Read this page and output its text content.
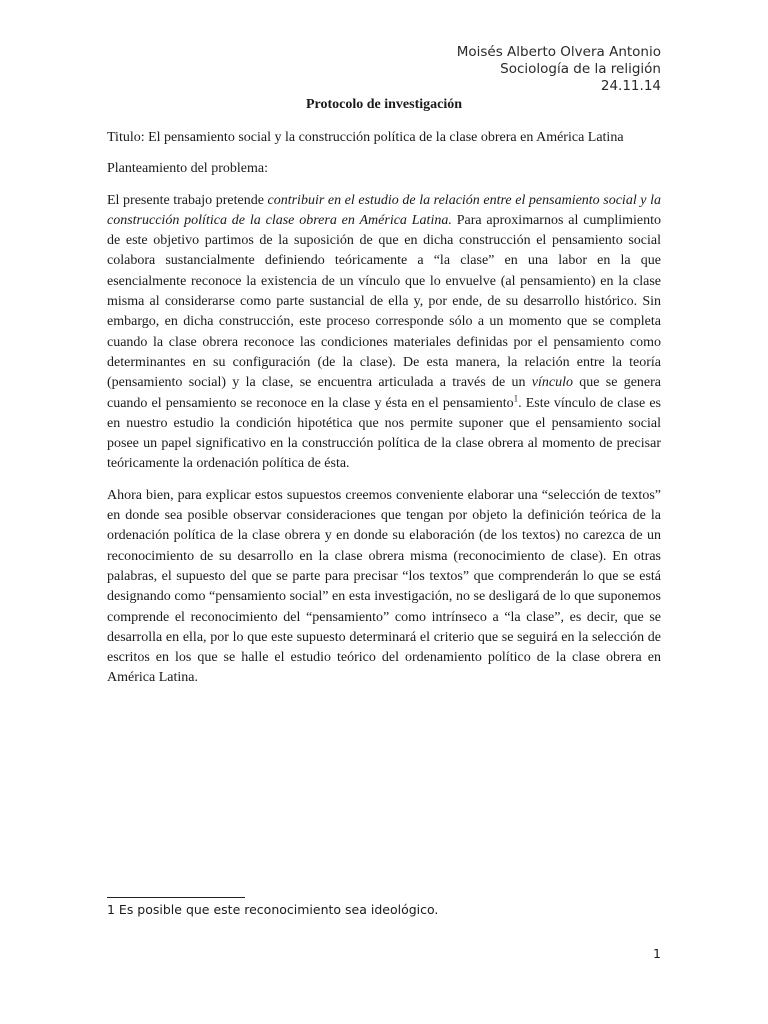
Moisés Alberto Olvera Antonio
Sociología de la religión
24.11.14
Protocolo de investigación

Titulo: El pensamiento social y la construcción política de la clase obrera en América Latina

Planteamiento del problema:

El presente trabajo pretende contribuir en el estudio de la relación entre el pensamiento social y la construcción política de la clase obrera en América Latina. Para aproximarnos al cumplimiento de este objetivo partimos de la suposición de que en dicha construcción el pensamiento social colabora sustancialmente definiendo teóricamente a “la clase” en una labor en la que esencialmente reconoce la existencia de un vínculo que lo envuelve (al pensamiento) en la clase misma al considerarse como parte sustancial de ella y, por ende, de su desarrollo histórico. Sin embargo, en dicha construcción, este proceso corresponde sólo a un momento que se completa cuando la clase obrera reconoce las condiciones materiales definidas por el pensamiento como determinantes en su configuración (de la clase). De esta manera, la relación entre la teoría (pensamiento social) y la clase, se encuentra articulada a través de un vínculo que se genera cuando el pensamiento se reconoce en la clase y ésta en el pensamiento$^1$. Este vínculo de clase es en nuestro estudio la condición hipotética que nos permite suponer que el pensamiento social posee un papel significativo en la construcción política de la clase obrera al momento de precisar teóricamente la ordenación política de ésta.

Ahora bien, para explicar estos supuestos creemos conveniente elaborar una “selección de textos” en donde sea posible observar consideraciones que tengan por objeto la definición teórica de la ordenación política de la clase obrera y en donde su elaboración (de los textos) no carezca de un reconocimiento de su desarrollo en la clase obrera misma (reconocimiento de clase). En otras palabras, el supuesto del que se parte para precisar “los textos” que comprenderán lo que se está designando como “pensamiento social” en esta investigación, no se desligará de lo que suponemos comprende el reconocimiento del “pensamiento” como intrínseco a “la clase”, es decir, que se desarrolla en ella, por lo que este supuesto determinará el criterio que se seguirá en la selección de escritos en los que se halle el estudio teórico del ordenamiento político de la clase obrera en América Latina.

1 Es posible que este reconocimiento sea ideológico.
1
